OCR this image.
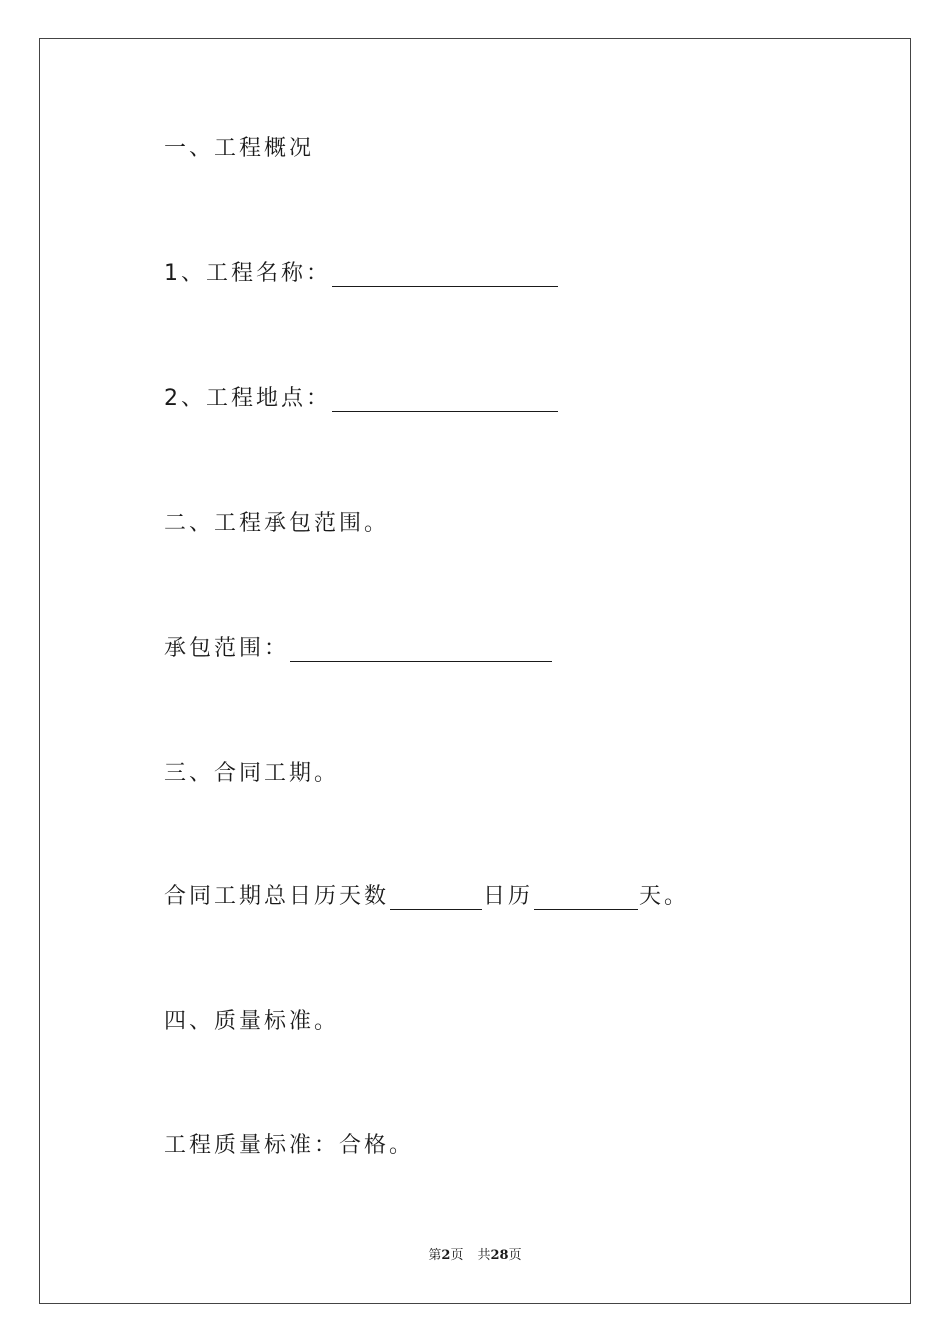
一、工程概况
1、工程名称：
2、工程地点：
二、工程承包范围。
承包范围：
三、合同工期。
合同工期总日历天数	日历	天。
四、质量标准。
工程质量标准：合格。
第2页 共28页
